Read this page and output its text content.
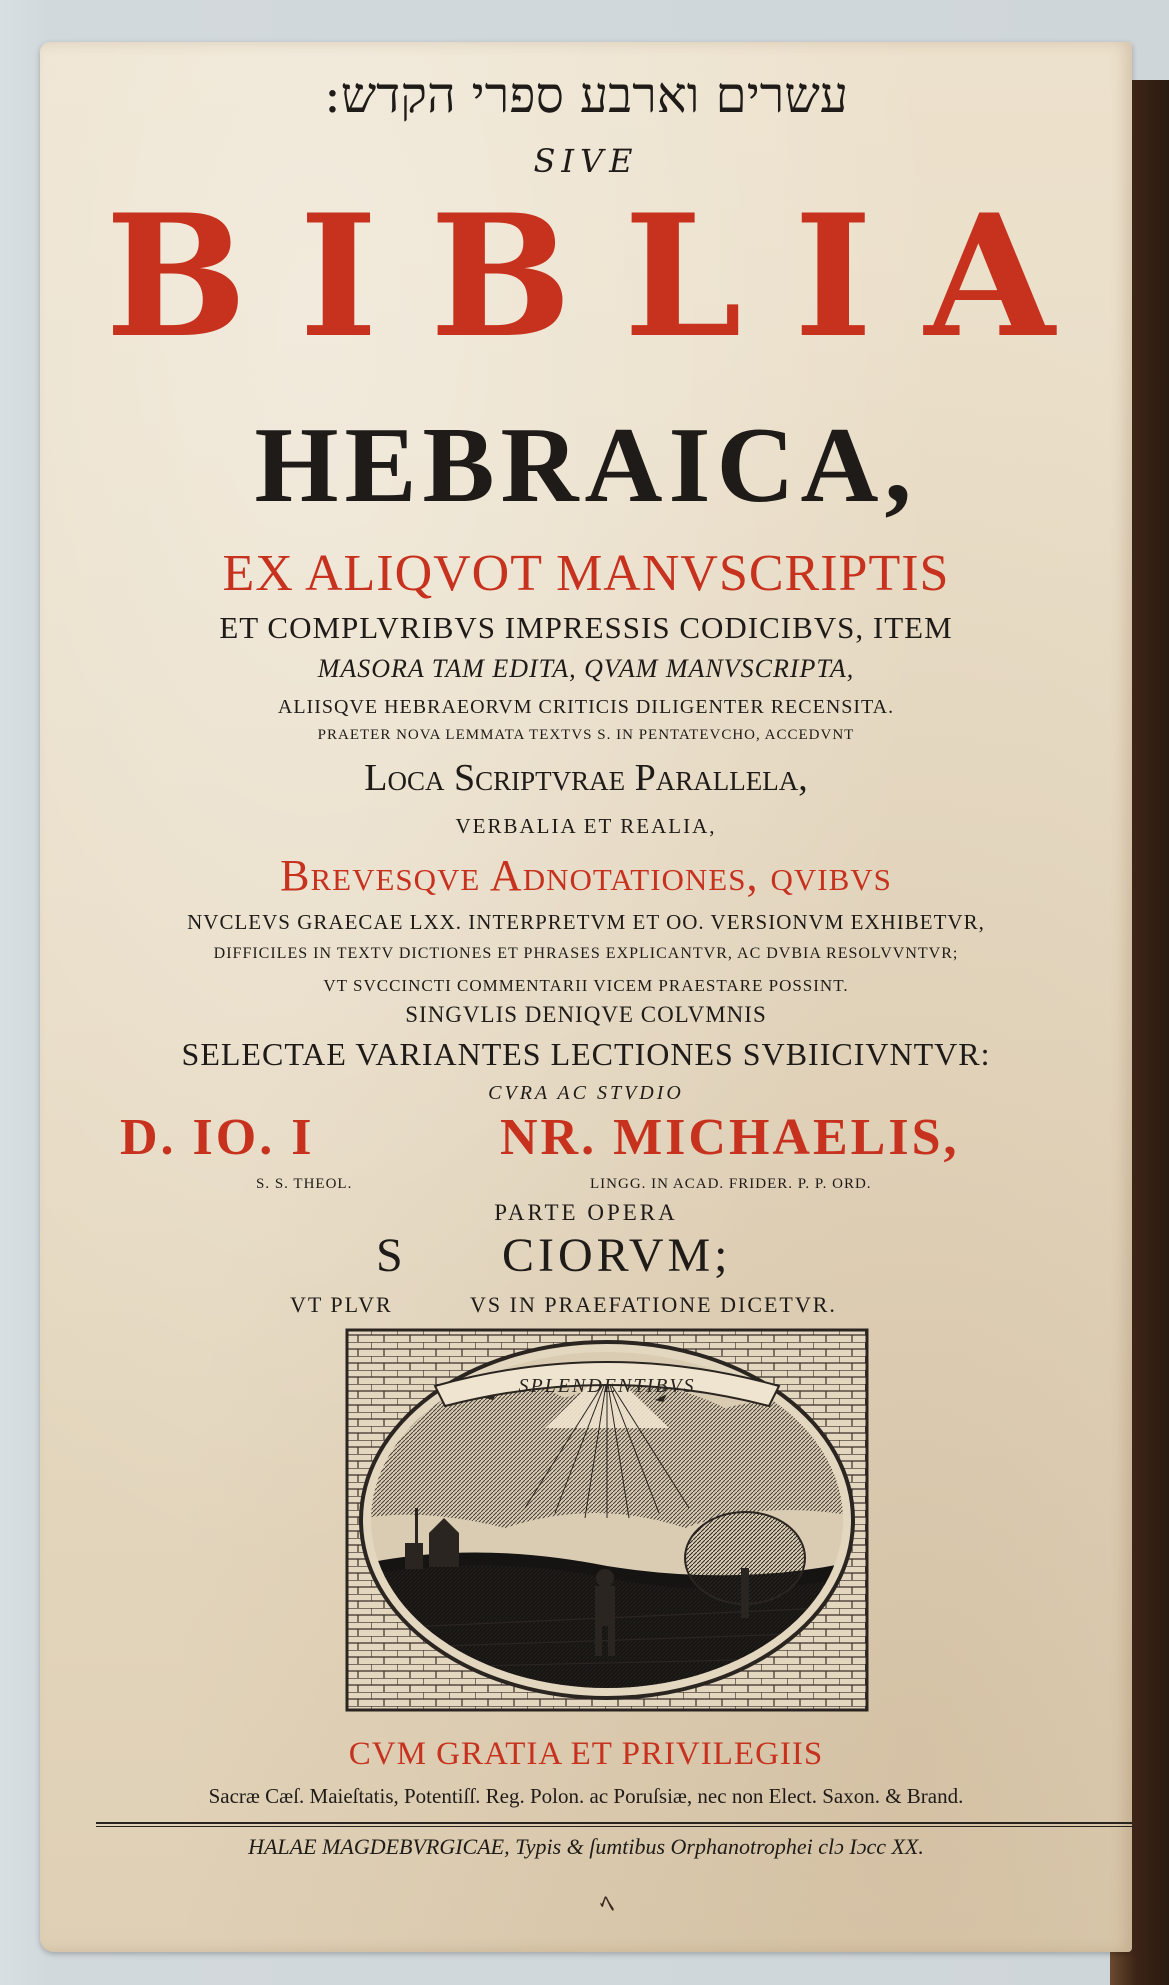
עשרים וארבע ספרי הקדש:
SIVE
BIBLIA
HEBRAICA,
EX ALIQVOT MANVSCRIPTIS
ET COMPLVRIBVS IMPRESSIS CODICIBVS, ITEM
MASORA TAM EDITA, QVAM MANVSCRIPTA,
ALIISQVE HEBRAEORVM CRITICIS DILIGENTER RECENSITA.
PRAETER NOVA LEMMATA TEXTVS S. IN PENTATEVCHO, ACCEDVNT
Loca Scriptvrae Parallela,
VERBALIA ET REALIA,
Brevesqve Adnotationes, qvibvs
NVCLEVS GRAECAE LXX. INTERPRETVM ET OO. VERSIONVM EXHIBETVR,
DIFFICILES IN TEXTV DICTIONES ET PHRASES EXPLICANTVR, AC DVBIA RESOLVVNTVR;
VT SVCCINCTI COMMENTARII VICEM PRAESTARE POSSINT.
SINGVLIS DENIQVE COLVMNIS
SELECTAE VARIANTES LECTIONES SVBIICIVNTVR:
CVRA AC STVDIO
D. IO. I	NR. MICHAELIS,
S. S. THEOL.	LINGG. IN ACAD. FRIDER. P. P. ORD.
PARTE OPERA
S CIORVM;
VT PLVR	VS IN PRAEFATIONE DICETVR.
SPLENDENTIBVS
CVM GRATIA ET PRIVILEGIIS
Sacræ Cæſ. Maieſtatis, Potentiſſ. Reg. Polon. ac Poruſsiæ, nec non Elect. Saxon. & Brand.
HALAE MAGDEBVRGICAE, Typis & ſumtibus Orphanotrophei clɔ Iɔcc XX.
ﾍ
